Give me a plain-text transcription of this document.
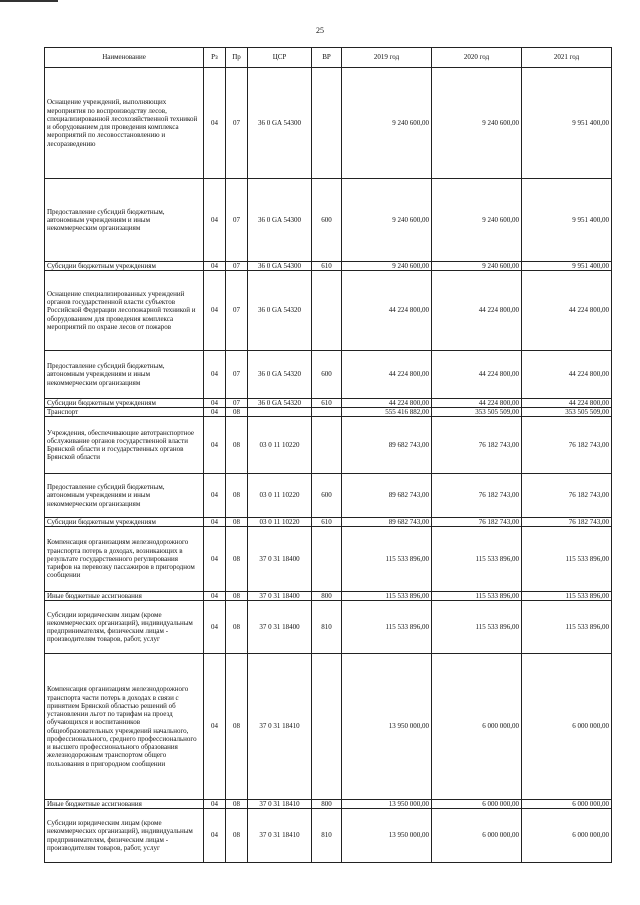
25
Наименование	Рз	Пр	ЦСР	ВР	2019 год	2020 год	2021 год
Оснащение учреждений, выполняющих мероприятия по воспроизводству лесов, специализированной лесохозяйственной техникой и оборудованием для проведения комплекса мероприятий по лесовосстановлению и лесоразведению	04	07	36 0 GA 54300		9 240 600,00	9 240 600,00	9 951 400,00
Предоставление субсидий бюджетным, автономным учреждениям и иным некоммерческим организациям	04	07	36 0 GA 54300	600	9 240 600,00	9 240 600,00	9 951 400,00
Субсидии бюджетным учреждениям	04	07	36 0 GA 54300	610	9 240 600,00	9 240 600,00	9 951 400,00
Оснащение специализированных учреждений органов государственной власти субъектов Российской Федерации лесопожарной техникой и оборудованием для проведения комплекса мероприятий по охране лесов от пожаров	04	07	36 0 GA 54320		44 224 800,00	44 224 800,00	44 224 800,00
Предоставление субсидий бюджетным, автономным учреждениям и иным некоммерческим организациям	04	07	36 0 GA 54320	600	44 224 800,00	44 224 800,00	44 224 800,00
Субсидии бюджетным учреждениям	04	07	36 0 GA 54320	610	44 224 800,00	44 224 800,00	44 224 800,00
Транспорт	04	08			555 416 882,00	353 505 509,00	353 505 509,00
Учреждения, обеспечивающие автотранспортное обслуживание органов государственной власти Брянской области и государственных органов Брянской области	04	08	03 0 11 10220		89 682 743,00	76 182 743,00	76 182 743,00
Предоставление субсидий бюджетным, автономным учреждениям и иным некоммерческим организациям	04	08	03 0 11 10220	600	89 682 743,00	76 182 743,00	76 182 743,00
Субсидии бюджетным учреждениям	04	08	03 0 11 10220	610	89 682 743,00	76 182 743,00	76 182 743,00
Компенсация организациям железнодорожного транспорта потерь в доходах, возникающих в результате государственного регулирования тарифов на перевозку пассажиров в пригородном сообщении	04	08	37 0 31 18400		115 533 896,00	115 533 896,00	115 533 896,00
Иные бюджетные ассигнования	04	08	37 0 31 18400	800	115 533 896,00	115 533 896,00	115 533 896,00
Субсидии юридическим лицам (кроме некоммерческих организаций), индивидуальным предпринимателям, физическим лицам - производителям товаров, работ, услуг	04	08	37 0 31 18400	810	115 533 896,00	115 533 896,00	115 533 896,00
Компенсация организациям железнодорожного транспорта части потерь в доходах в связи с принятием Брянской областью решений об установлении льгот по тарифам на проезд обучающихся и воспитанников общеобразовательных учреждений начального, профессионального, среднего профессионального и высшего профессионального образования железнодорожным транспортом общего пользования в пригородном сообщении	04	08	37 0 31 18410		13 950 000,00	6 000 000,00	6 000 000,00
Иные бюджетные ассигнования	04	08	37 0 31 18410	800	13 950 000,00	6 000 000,00	6 000 000,00
Субсидии юридическим лицам (кроме некоммерческих организаций), индивидуальным предпринимателям, физическим лицам - производителям товаров, работ, услуг	04	08	37 0 31 18410	810	13 950 000,00	6 000 000,00	6 000 000,00
